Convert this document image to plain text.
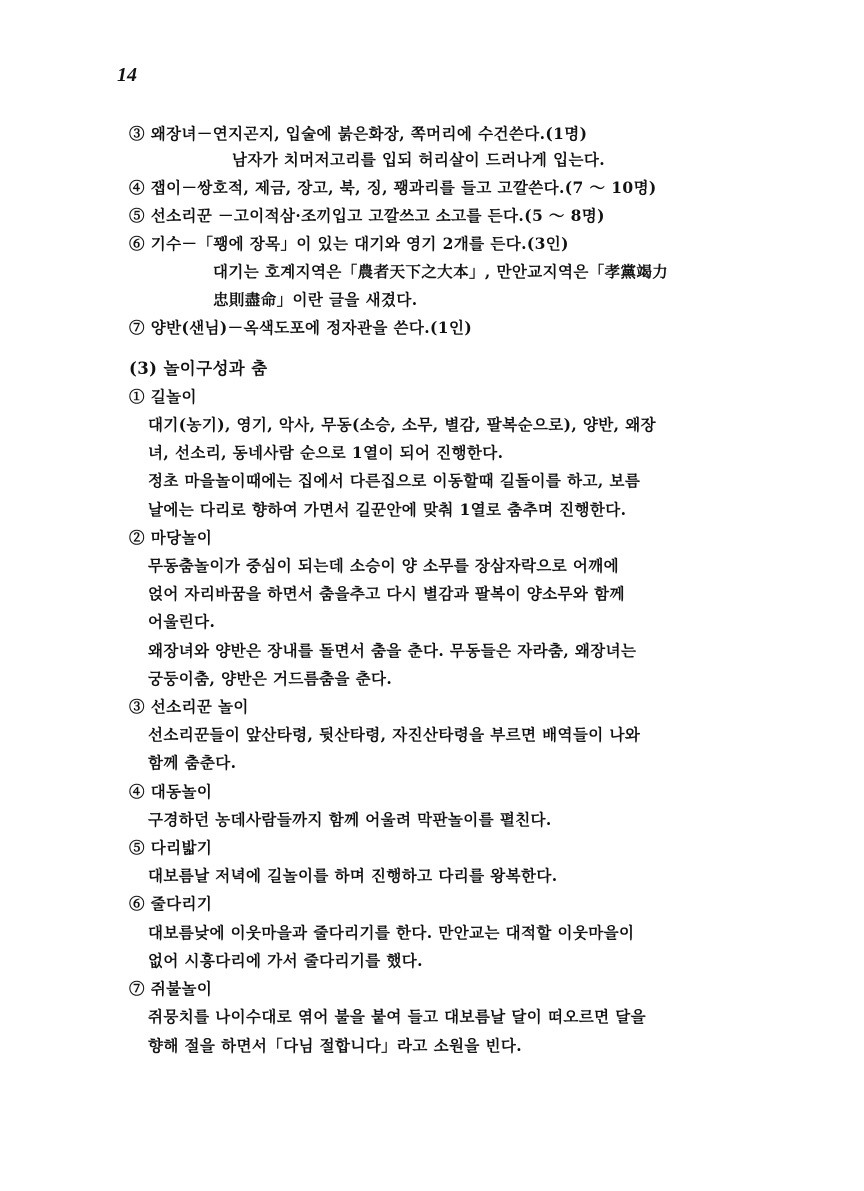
14
③ 왜장녀－연지곤지, 입술에 붉은화장, 쪽머리에 수건쓴다.(1명)
남자가 치머저고리를 입되 허리살이 드러나게 입는다.
④ 잽이－쌍호적, 제금, 장고, 북, 징, 꽹과리를 들고 고깔쓴다.(7 ～ 10명)
⑤ 선소리꾼 －고이적삼·조끼입고 고깔쓰고 소고를 든다.(5 ～ 8명)
⑥ 기수－「꽹에 장목」이 있는 대기와 영기 2개를 든다.(3인)
대기는 호계지역은「農者天下之大本」, 만안교지역은「孝黨竭力
忠則盡命」이란 글을 새겼다.
⑦ 양반(샌님)－옥색도포에 정자관을 쓴다.(1인)
(3) 놀이구성과 춤
① 길놀이
대기(농기), 영기, 악사, 무동(소승, 소무, 별감, 팔복순으로), 양반, 왜장
녀, 선소리, 동네사람 순으로 1열이 되어 진행한다.
정초 마을놀이때에는 집에서 다른집으로 이동할때 길돌이를 하고, 보름
날에는 다리로 향하여 가면서 길꾼안에 맞춰 1열로 춤추며 진행한다.
② 마당놀이
무동춤놀이가 중심이 되는데 소승이 양 소무를 장삼자락으로 어깨에
얹어 자리바꿈을 하면서 춤을추고 다시 별감과 팔복이 양소무와 함께
어울린다.
왜장녀와 양반은 장내를 돌면서 춤을 춘다. 무동들은 자라춤, 왜장녀는
궁둥이춤, 양반은 거드름춤을 춘다.
③ 선소리꾼 놀이
선소리꾼들이 앞산타령, 뒷산타령, 자진산타령을 부르면 배역들이 나와
함께 춤춘다.
④ 대동놀이
구경하던 농데사람들까지 함께 어울려 막판놀이를 펼친다.
⑤ 다리밟기
대보름날 저녁에 길놀이를 하며 진행하고 다리를 왕복한다.
⑥ 줄다리기
대보름낮에 이웃마을과 줄다리기를 한다. 만안교는 대적할 이웃마을이
없어 시흥다리에 가서 줄다리기를 했다.
⑦ 쥐불놀이
쥐뭉치를 나이수대로 엮어 불을 붙여 들고 대보름날 달이 떠오르면 달을
향해 절을 하면서「다님 절합니다」라고 소원을 빈다.
